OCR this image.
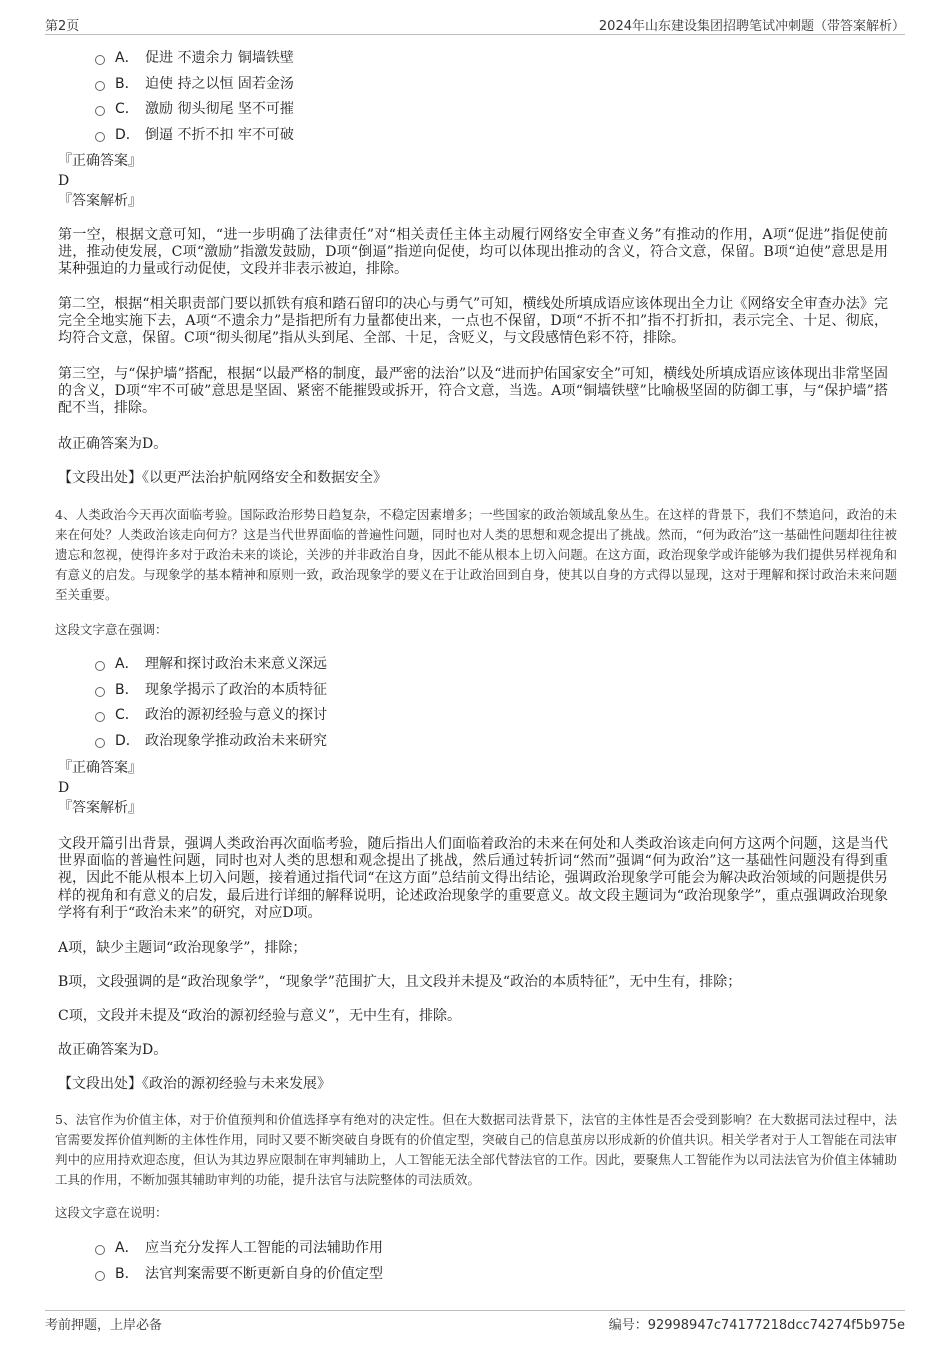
第2页	2024年山东建设集团招聘笔试冲刺题（带答案解析）
A． 促进 不遗余力 铜墙铁壁
B． 迫使 持之以恒 固若金汤
C． 激励 彻头彻尾 坚不可摧
D． 倒逼 不折不扣 牢不可破
『正确答案』
D
『答案解析』
第一空，根据文意可知，“进一步明确了法律责任”对“相关责任主体主动履行网络安全审查义务”有推动的作用，A项“促进”指促使前进，推动使发展，C项“激励”指激发鼓励，D项“倒逼”指逆向促使，均可以体现出推动的含义，符合文意，保留。B项“迫使”意思是用某种强迫的力量或行动促使，文段并非表示被迫，排除。
第二空，根据“相关职责部门要以抓铁有痕和踏石留印的决心与勇气”可知，横线处所填成语应该体现出全力让《网络安全审查办法》完完全全地实施下去，A项“不遗余力”是指把所有力量都使出来，一点也不保留，D项“不折不扣”指不打折扣，表示完全、十足、彻底，均符合文意，保留。C项“彻头彻尾”指从头到尾、全部、十足，含贬义，与文段感情色彩不符，排除。
第三空，与“保护墙”搭配，根据“以最严格的制度，最严密的法治”以及“进而护佑国家安全”可知，横线处所填成语应该体现出非常坚固的含义，D项“牢不可破”意思是坚固、紧密不能摧毁或拆开，符合文意，当选。A项“铜墙铁壁”比喻极坚固的防御工事，与“保护墙”搭配不当，排除。
故正确答案为D。
【文段出处】《以更严法治护航网络安全和数据安全》
4、人类政治今天再次面临考验。国际政治形势日趋复杂，不稳定因素增多；一些国家的政治领域乱象丛生。在这样的背景下，我们不禁追问，政治的未来在何处？人类政治该走向何方？这是当代世界面临的普遍性问题，同时也对人类的思想和观念提出了挑战。然而，“何为政治”这一基础性问题却往往被遗忘和忽视，使得许多对于政治未来的谈论，关涉的并非政治自身，因此不能从根本上切入问题。在这方面，政治现象学或许能够为我们提供另样视角和有意义的启发。与现象学的基本精神和原则一致，政治现象学的要义在于让政治回到自身，使其以自身的方式得以显现，这对于理解和探讨政治未来问题至关重要。
这段文字意在强调：
A． 理解和探讨政治未来意义深远
B． 现象学揭示了政治的本质特征
C． 政治的源初经验与意义的探讨
D． 政治现象学推动政治未来研究
『正确答案』
D
『答案解析』
文段开篇引出背景，强调人类政治再次面临考验，随后指出人们面临着政治的未来在何处和人类政治该走向何方这两个问题，这是当代世界面临的普遍性问题，同时也对人类的思想和观念提出了挑战，然后通过转折词“然而”强调“何为政治”这一基础性问题没有得到重视，因此不能从根本上切入问题，接着通过指代词“在这方面”总结前文得出结论，强调政治现象学可能会为解决政治领域的问题提供另样的视角和有意义的启发，最后进行详细的解释说明，论述政治现象学的重要意义。故文段主题词为“政治现象学”，重点强调政治现象学将有利于“政治未来”的研究，对应D项。
A项，缺少主题词“政治现象学”，排除；
B项，文段强调的是“政治现象学”，“现象学”范围扩大，且文段并未提及“政治的本质特征”，无中生有，排除；
C项，文段并未提及“政治的源初经验与意义”，无中生有，排除。
故正确答案为D。
【文段出处】《政治的源初经验与未来发展》
5、法官作为价值主体，对于价值预判和价值选择享有绝对的决定性。但在大数据司法背景下，法官的主体性是否会受到影响？在大数据司法过程中，法官需要发挥价值判断的主体性作用，同时又要不断突破自身既有的价值定型，突破自己的信息茧房以形成新的价值共识。相关学者对于人工智能在司法审判中的应用持欢迎态度，但认为其边界应限制在审判辅助上，人工智能无法全部代替法官的工作。因此，要聚焦人工智能作为以司法法官为价值主体辅助工具的作用，不断加强其辅助审判的功能，提升法官与法院整体的司法质效。
这段文字意在说明：
A． 应当充分发挥人工智能的司法辅助作用
B． 法官判案需要不断更新自身的价值定型
考前押题，上岸必备	编号：92998947c74177218dcc74274f5b975e
